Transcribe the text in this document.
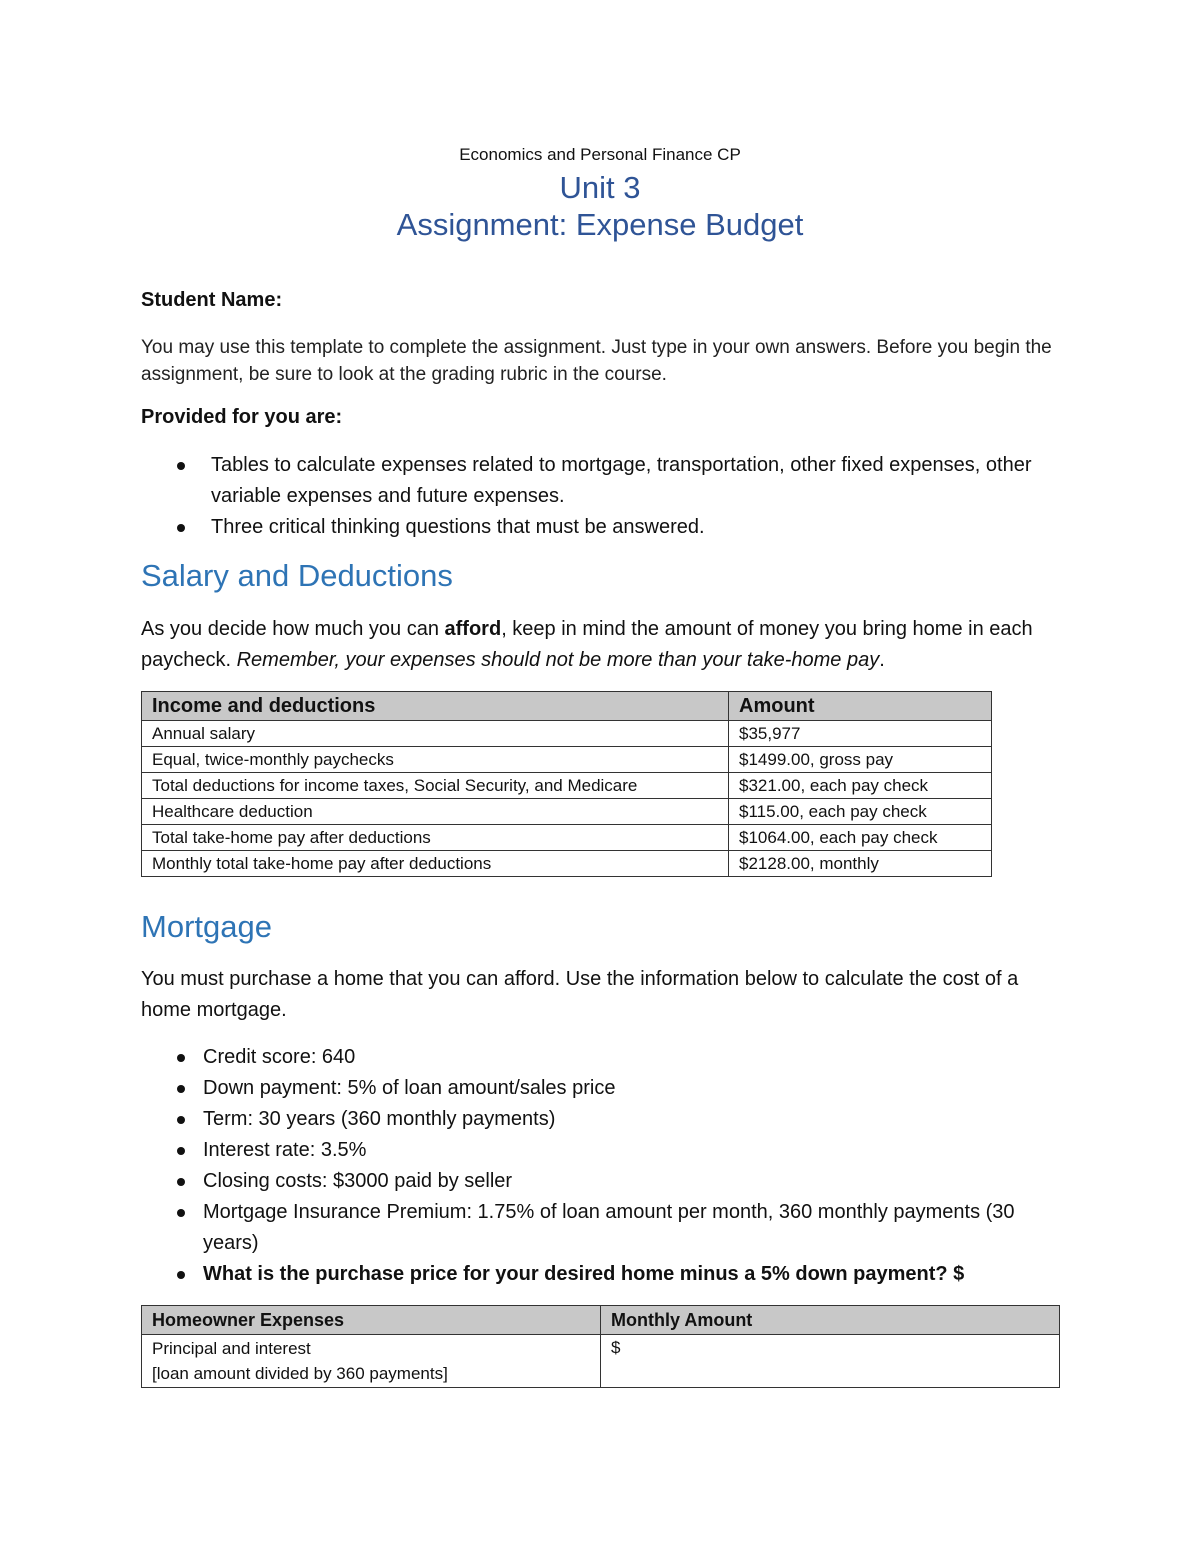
Economics and Personal Finance CP
Unit 3
Assignment: Expense Budget
Student Name:
You may use this template to complete the assignment. Just type in your own answers. Before you begin the assignment, be sure to look at the grading rubric in the course.
Provided for you are:
Tables to calculate expenses related to mortgage, transportation, other fixed expenses, other variable expenses and future expenses.
Three critical thinking questions that must be answered.
Salary and Deductions
As you decide how much you can afford, keep in mind the amount of money you bring home in each paycheck. Remember, your expenses should not be more than your take-home pay.
Income and deductions	Amount
Annual salary	$35,977
Equal, twice-monthly paychecks	$1499.00, gross pay
Total deductions for income taxes, Social Security, and Medicare	$321.00, each pay check
Healthcare deduction	$115.00, each pay check
Total take-home pay after deductions	$1064.00, each pay check
Monthly total take-home pay after deductions	$2128.00, monthly
Mortgage
You must purchase a home that you can afford. Use the information below to calculate the cost of a home mortgage.
Credit score: 640
Down payment: 5% of loan amount/sales price
Term: 30 years (360 monthly payments)
Interest rate: 3.5%
Closing costs: $3000 paid by seller
Mortgage Insurance Premium: 1.75% of loan amount per month, 360 monthly payments (30 years)
What is the purchase price for your desired home minus a 5% down payment? $
Homeowner Expenses	Monthly Amount

Principal and interest
[loan amount divided by 360 payments]	$
